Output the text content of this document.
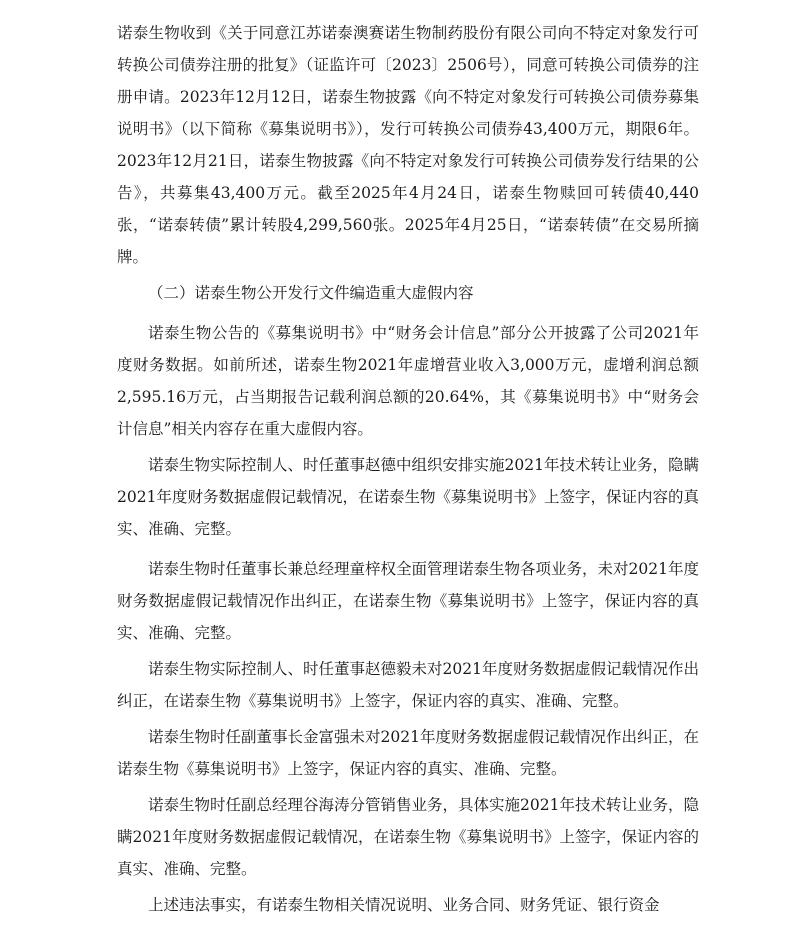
诺泰生物收到《关于同意江苏诺泰澳赛诺生物制药股份有限公司向不特定对象发行可转换公司债券注册的批复》（证监许可〔2023〕2506号），同意可转换公司债券的注册申请。2023年12月12日，诺泰生物披露《向不特定对象发行可转换公司债券募集说明书》（以下简称《募集说明书》），发行可转换公司债券43,400万元，期限6年。2023年12月21日，诺泰生物披露《向不特定对象发行可转换公司债券发行结果的公告》，共募集43,400万元。截至2025年4月24日，诺泰生物赎回可转债40,440张，“诺泰转债”累计转股4,299,560张。2025年4月25日，“诺泰转债”在交易所摘牌。

（二）诺泰生物公开发行文件编造重大虚假内容

诺泰生物公告的《募集说明书》中“财务会计信息”部分公开披露了公司2021年度财务数据。如前所述，诺泰生物2021年虚增营业收入3,000万元，虚增利润总额2,595.16万元，占当期报告记载利润总额的20.64%，其《募集说明书》中“财务会计信息”相关内容存在重大虚假内容。

诺泰生物实际控制人、时任董事赵德中组织安排实施2021年技术转让业务，隐瞒2021年度财务数据虚假记载情况，在诺泰生物《募集说明书》上签字，保证内容的真实、准确、完整。

诺泰生物时任董事长兼总经理童梓权全面管理诺泰生物各项业务，未对2021年度财务数据虚假记载情况作出纠正，在诺泰生物《募集说明书》上签字，保证内容的真实、准确、完整。

诺泰生物实际控制人、时任董事赵德毅未对2021年度财务数据虚假记载情况作出纠正，在诺泰生物《募集说明书》上签字，保证内容的真实、准确、完整。

诺泰生物时任副董事长金富强未对2021年度财务数据虚假记载情况作出纠正，在诺泰生物《募集说明书》上签字，保证内容的真实、准确、完整。

诺泰生物时任副总经理谷海涛分管销售业务，具体实施2021年技术转让业务，隐瞒2021年度财务数据虚假记载情况，在诺泰生物《募集说明书》上签字，保证内容的真实、准确、完整。

上述违法事实，有诺泰生物相关情况说明、业务合同、财务凭证、银行资金
